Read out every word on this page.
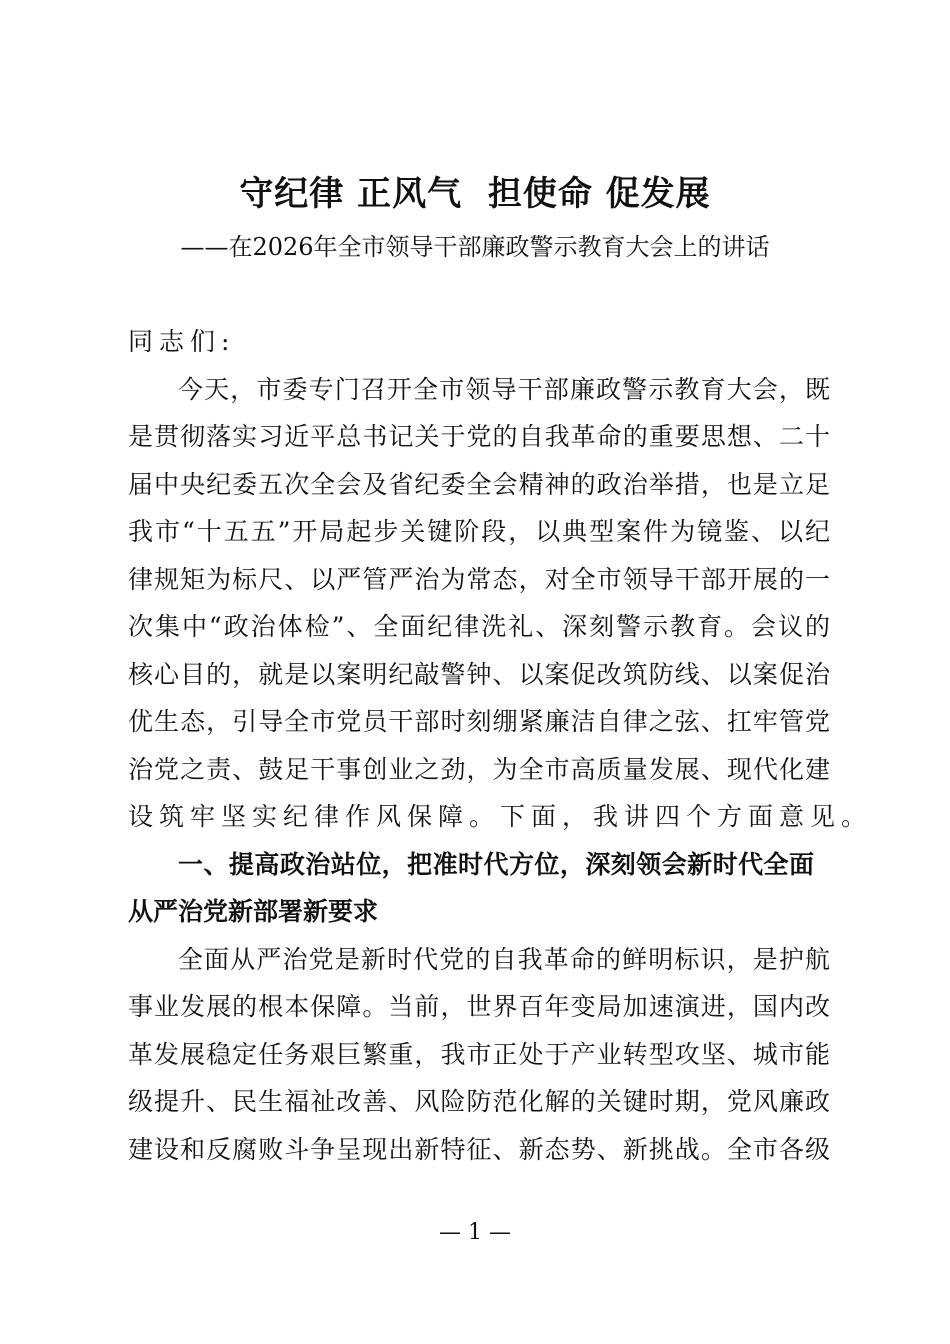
守纪律 正风气  担使命 促发展
——在2026年全市领导干部廉政警示教育大会上的讲话
同志们:
今天，市委专门召开全市领导干部廉政警示教育大会，既
是贯彻落实习近平总书记关于党的自我革命的重要思想、二十
届中央纪委五次全会及省纪委全会精神的政治举措，也是立足
我市“十五五”开局起步关键阶段，以典型案件为镜鉴、以纪
律规矩为标尺、以严管严治为常态，对全市领导干部开展的一
次集中“政治体检”、全面纪律洗礼、深刻警示教育。会议的
核心目的，就是以案明纪敲警钟、以案促改筑防线、以案促治
优生态，引导全市党员干部时刻绷紧廉洁自律之弦、扛牢管党
治党之责、鼓足干事创业之劲，为全市高质量发展、现代化建
设筑牢坚实纪律作风保障。下面，我讲四个方面意见。
一、提高政治站位，把准时代方位，深刻领会新时代全面
从严治党新部署新要求
全面从严治党是新时代党的自我革命的鲜明标识，是护航
事业发展的根本保障。当前，世界百年变局加速演进，国内改
革发展稳定任务艰巨繁重，我市正处于产业转型攻坚、城市能
级提升、民生福祉改善、风险防范化解的关键时期，党风廉政
建设和反腐败斗争呈现出新特征、新态势、新挑战。全市各级
— 1 —
